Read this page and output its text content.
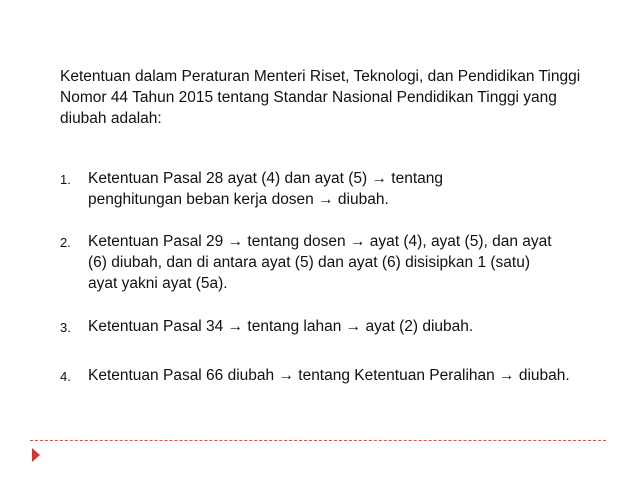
Ketentuan dalam Peraturan Menteri Riset, Teknologi, dan Pendidikan Tinggi
Nomor 44 Tahun 2015 tentang Standar Nasional Pendidikan Tinggi yang
diubah adalah:

1.	Ketentuan Pasal 28 ayat (4) dan ayat (5) → tentang
penghitungan beban kerja dosen → diubah.
2.	Ketentuan Pasal 29 → tentang dosen → ayat (4), ayat (5), dan ayat
(6) diubah, dan di antara ayat (5) dan ayat (6) disisipkan 1 (satu)
ayat yakni ayat (5a).
3.	Ketentuan Pasal 34 → tentang lahan → ayat (2) diubah.
4.	Ketentuan Pasal 66 diubah → tentang Ketentuan Peralihan → diubah.
